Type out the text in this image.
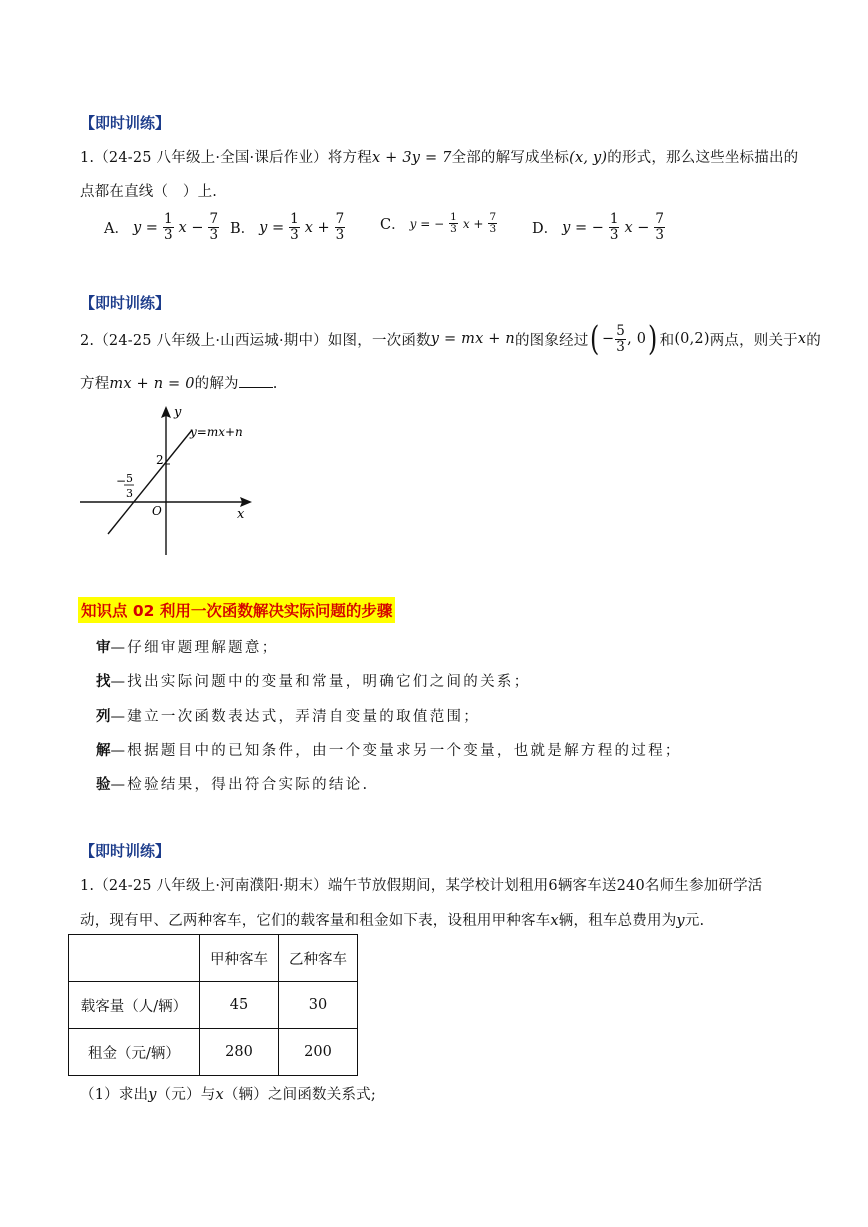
【即时训练】
1.（24-25 八年级上·全国·课后作业）将方程x + 3y = 7全部的解写成坐标(x, y)的形式，那么这些坐标描出的
点都在直线（　）上.
A． $y = \frac{1}{3}$ $x - \frac{7}{3}$ B． $y = \frac{1}{3}$ $x + \frac{7}{3}$ C． y = − $\frac{1}{3}$ $x + \frac{7}{3}$ D． y = − $\frac{1}{3}$ $x - \frac{7}{3}$
【即时训练】
2.（24-25 八年级上·山西运城·期中）如图，一次函数 y = mx + n 的图象经过 ( − $\frac{5}{3}$ , 0 ) 和 (0,2) 两点，则关于 x 的
方程mx + n = 0的解为 .
y
x
O
y=mx+n
2
− 5
3
知识点 02 利用一次函数解决实际问题的步骤
审—仔细审题理解题意；
找—找出实际问题中的变量和常量，明确它们之间的关系；
列—建立一次函数表达式，弄清自变量的取值范围；
解—根据题目中的已知条件，由一个变量求另一个变量，也就是解方程的过程；
验—检验结果，得出符合实际的结论.
【即时训练】
1.（24-25 八年级上·河南濮阳·期末）端午节放假期间，某学校计划租用6辆客车送240名师生参加研学活
动，现有甲、乙两种客车，它们的载客量和租金如下表，设租用甲种客车x辆，租车总费用为y元.
	甲种客车	乙种客车
载客量（人/辆）	45	30
租金（元/辆）	280	200
（1）求出y（元）与x（辆）之间函数关系式;
